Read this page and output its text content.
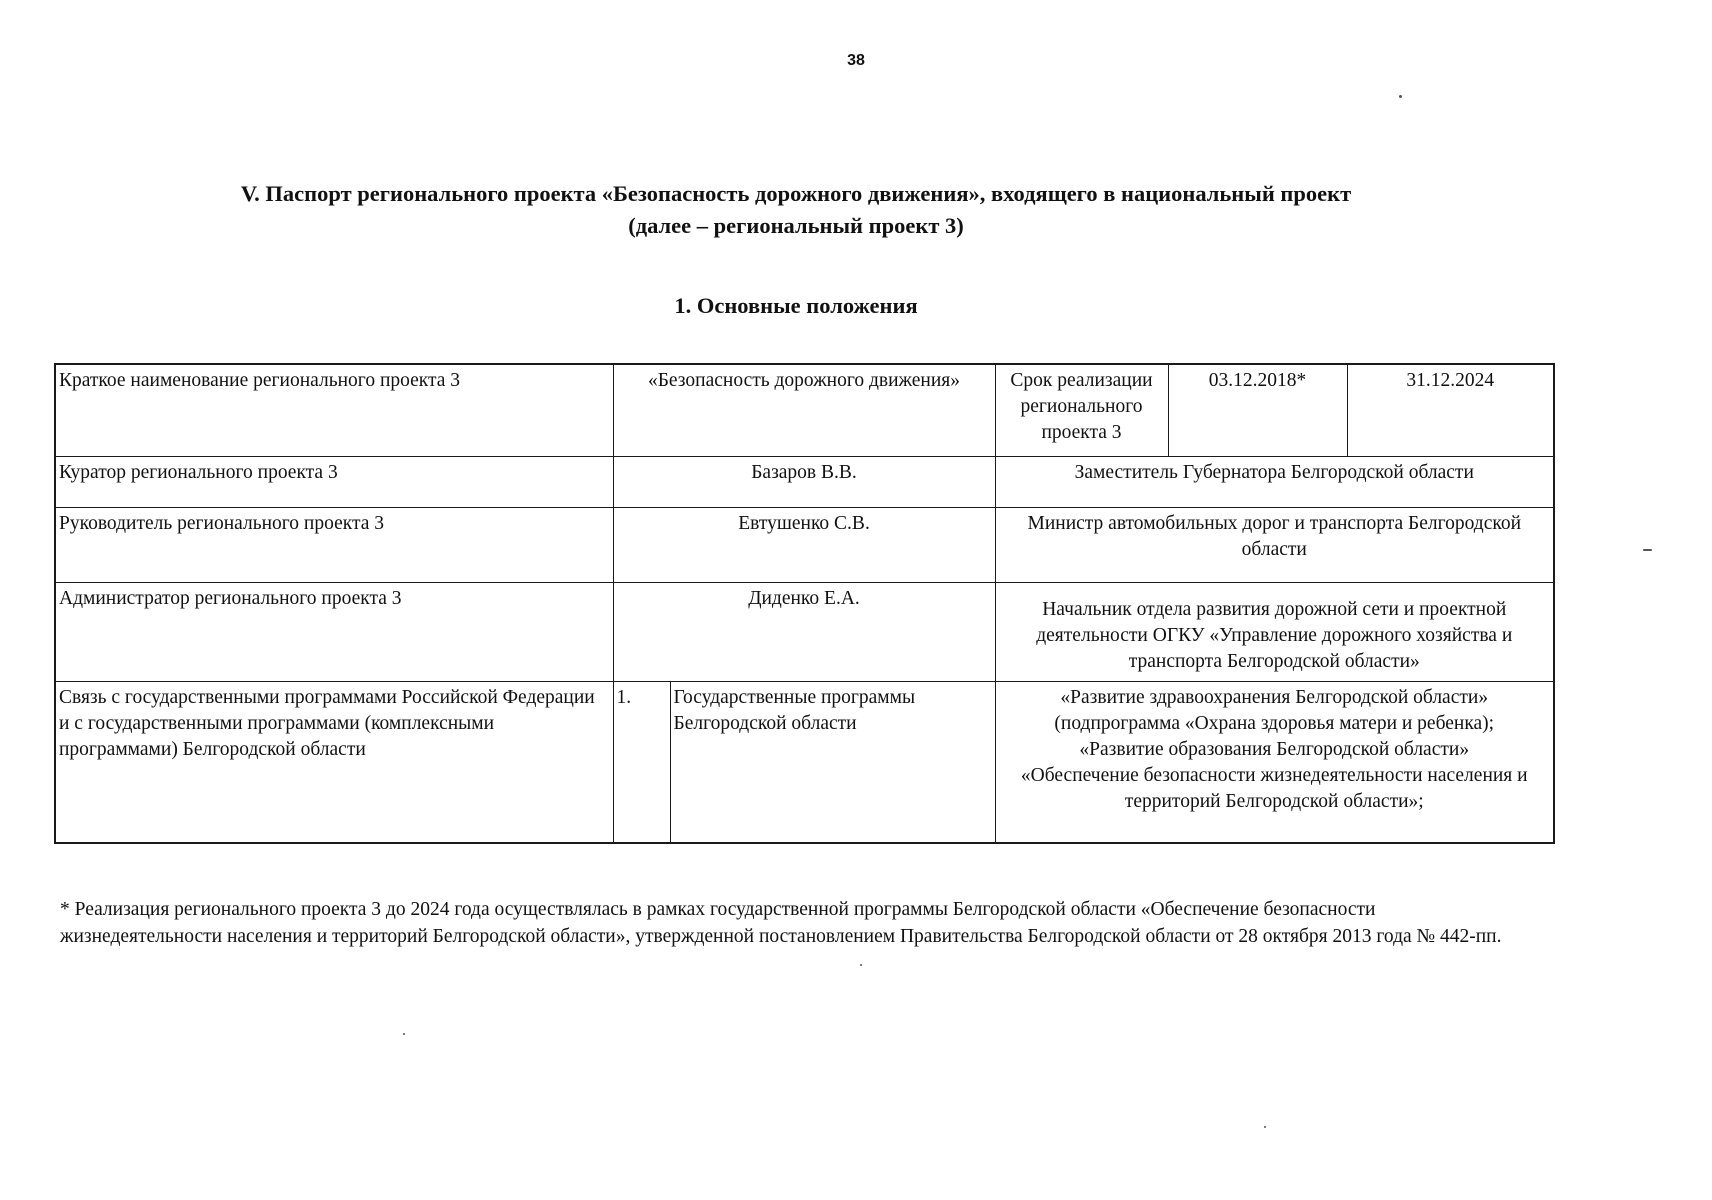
38
V. Паспорт регионального проекта «Безопасность дорожного движения», входящего в национальный проект
(далее – региональный проект 3)
1. Основные положения
Краткое наименование регионального проекта 3	«Безопасность дорожного движения»		Срок реализации регионального проекта 3	03.12.2018*	31.12.2024
Куратор регионального проекта 3	Базаров В.В.		Заместитель Губернатора Белгородской области		
Руководитель регионального проекта 3	Евтушенко С.В.		Министр автомобильных дорог и транспорта Белгородской области		
Администратор регионального проекта 3	Диденко Е.А.		Начальник отдела развития дорожной сети и проектной деятельности ОГКУ «Управление дорожного хозяйства и транспорта Белгородской области»		
Связь с государственными программами Российской Федерации и с государственными программами (комплексными программами) Белгородской области	1.	Государственные программы Белгородской области	«Развитие здравоохранения Белгородской области»
(подпрограмма «Охрана здоровья матери и ребенка);
«Развитие образования Белгородской области»
«Обеспечение безопасности жизнедеятельности населения и территорий Белгородской области»;		
* Реализация регионального проекта 3 до 2024 года осуществлялась в рамках государственной программы Белгородской области «Обеспечение безопасности жизнедеятельности населения и территорий Белгородской области», утвержденной постановлением Правительства Белгородской области от 28 октября 2013 года № 442-пп.
